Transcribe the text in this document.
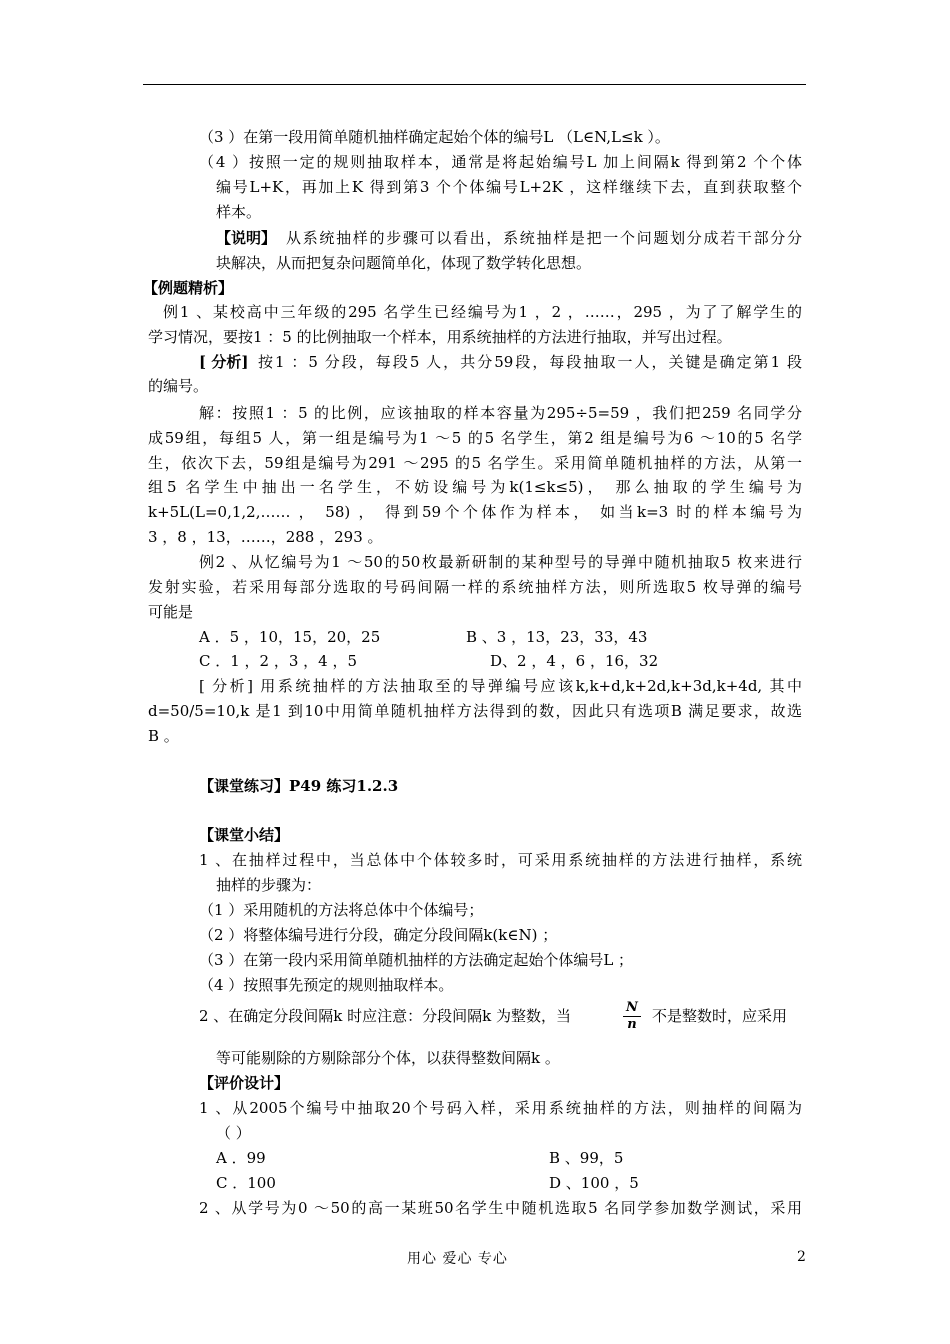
（3 ）在第一段用简单随机抽样确定起始个体的编号L （L∈N,L≤k ）。
（4 ）按照一定的规则抽取样本，通常是将起始编号L 加上间隔k 得到第2 个个体
编号L+K，再加上K 得到第3 个个体编号L+2K ，这样继续下去，直到获取整个
样本。
【说明】 从系统抽样的步骤可以看出，系统抽样是把一个问题划分成若干部分分
块解决，从而把复杂问题简单化，体现了数学转化思想。
【例题精析】
例1 、某校高中三年级的295 名学生已经编号为1 ，2 ，……，295 ，为了了解学生的
学习情况，要按1 ：5 的比例抽取一个样本，用系统抽样的方法进行抽取，并写出过程。
[ 分析] 按1 ：5 分段，每段5 人，共分59段，每段抽取一人，关键是确定第1 段
的编号。
解：按照1 ：5 的比例，应该抽取的样本容量为295÷5=59 ，我们把259 名同学分
成59组，每组5 人，第一组是编号为1 ～5 的5 名学生，第2 组是编号为6 ～10的5 名学
生，依次下去，59组是编号为291 ～295 的5 名学生。采用简单随机抽样的方法，从第一
组5 名学生中抽出一名学生，不妨设编号为k(1≤k≤5)， 那么抽取的学生编号为
k+5L(L=0,1,2,…… ， 58) ， 得到59个个体作为样本， 如当k=3 时的样本编号为
3 ，8 ，13，……，288 ，293 。
例2 、从忆编号为1 ～50的50枚最新研制的某种型号的导弹中随机抽取5 枚来进行
发射实验，若采用每部分选取的号码间隔一样的系统抽样方法，则所选取5 枚导弹的编号
可能是
A ．5 ，10，15，20，25	B 、3 ，13，23，33，43
C ．1 ，2 ，3 ，4 ，5	D、2 ，4 ，6 ，16，32
[ 分析] 用系统抽样的方法抽取至的导弹编号应该k,k+d,k+2d,k+3d,k+4d, 其中
d=50/5=10,k 是1 到10中用简单随机抽样方法得到的数，因此只有选项B 满足要求，故选
B 。
【课堂练习】P49 练习1.2.3
【课堂小结】
1 、在抽样过程中，当总体中个体较多时，可采用系统抽样的方法进行抽样，系统
抽样的步骤为：
（1 ）采用随机的方法将总体中个体编号；
（2 ）将整体编号进行分段，确定分段间隔k(k∈N) ；
（3 ）在第一段内采用简单随机抽样的方法确定起始个体编号L ；
（4 ）按照事先预定的规则抽取样本。
2 、在确定分段间隔k 时应注意：分段间隔k 为整数，当	N
n 不是整数时，应采用
等可能剔除的方剔除部分个体，以获得整数间隔k 。
【评价设计】
1 、从2005个编号中抽取20个号码入样，采用系统抽样的方法，则抽样的间隔为
（ ）
A ．99	B 、99，5
C ．100	D 、100 ，5
2 、从学号为0 ～50的高一某班50名学生中随机选取5 名同学参加数学测试，采用
用心 爱心 专心	2
